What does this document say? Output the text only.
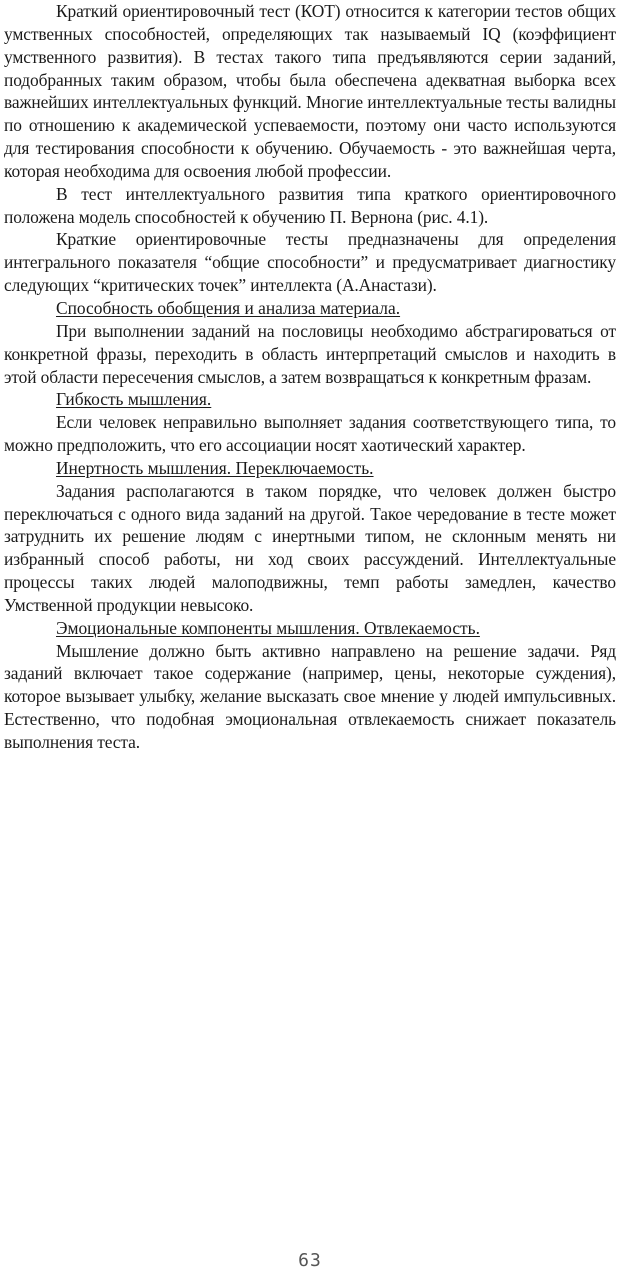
Краткий ориентировочный тест (КОТ) относится к категории тестов общих умственных способностей, определяющих так называемый IQ (коэффициент умственного развития). В тестах такого типа предъявляются серии заданий, подобранных таким образом, чтобы была обеспечена адекватная выборка всех важнейших интеллектуальных функций. Многие интеллектуальные тесты валидны по отношению к академической успеваемости, поэтому они часто используются для тестирования способности к обучению. Обучаемость - это важнейшая черта, которая необходима для освоения любой профессии.

В тест интеллектуального развития типа краткого ориентировочного положена модель способностей к обучению П. Вернона (рис. 4.1).

Краткие ориентировочные тесты предназначены для определения интегрального показателя “общие способности” и предусматривает диагностику следующих “критических точек” интеллекта (А.Анастази).

Способность обобщения и анализа материала.

При выполнении заданий на пословицы необходимо абстрагироваться от конкретной фразы, переходить в область интерпретаций смыслов и находить в этой области пересечения смыслов, а затем возвращаться к конкретным фразам.

Гибкость мышления.

Если человек неправильно выполняет задания соответствующего типа, то можно предположить, что его ассоциации носят хаотический характер.

Инертность мышления. Переключаемость.

Задания располагаются в таком порядке, что человек должен быстро переключаться с одного вида заданий на другой. Такое чередование в тесте может затруднить их решение людям с инертными типом, не склонным менять ни избранный способ работы, ни ход своих рассуждений. Интеллектуальные процессы таких людей малоподвижны, темп работы замедлен, качество Умственной продукции невысоко.

Эмоциональные компоненты мышления. Отвлекаемость.

Мышление должно быть активно направлено на решение задачи. Ряд заданий включает такое содержание (например, цены, некоторые суждения), которое вызывает улыбку, желание высказать свое мнение у людей импульсивных. Естественно, что подобная эмоциональная отвлекаемость снижает показатель выполнения теста.

63
